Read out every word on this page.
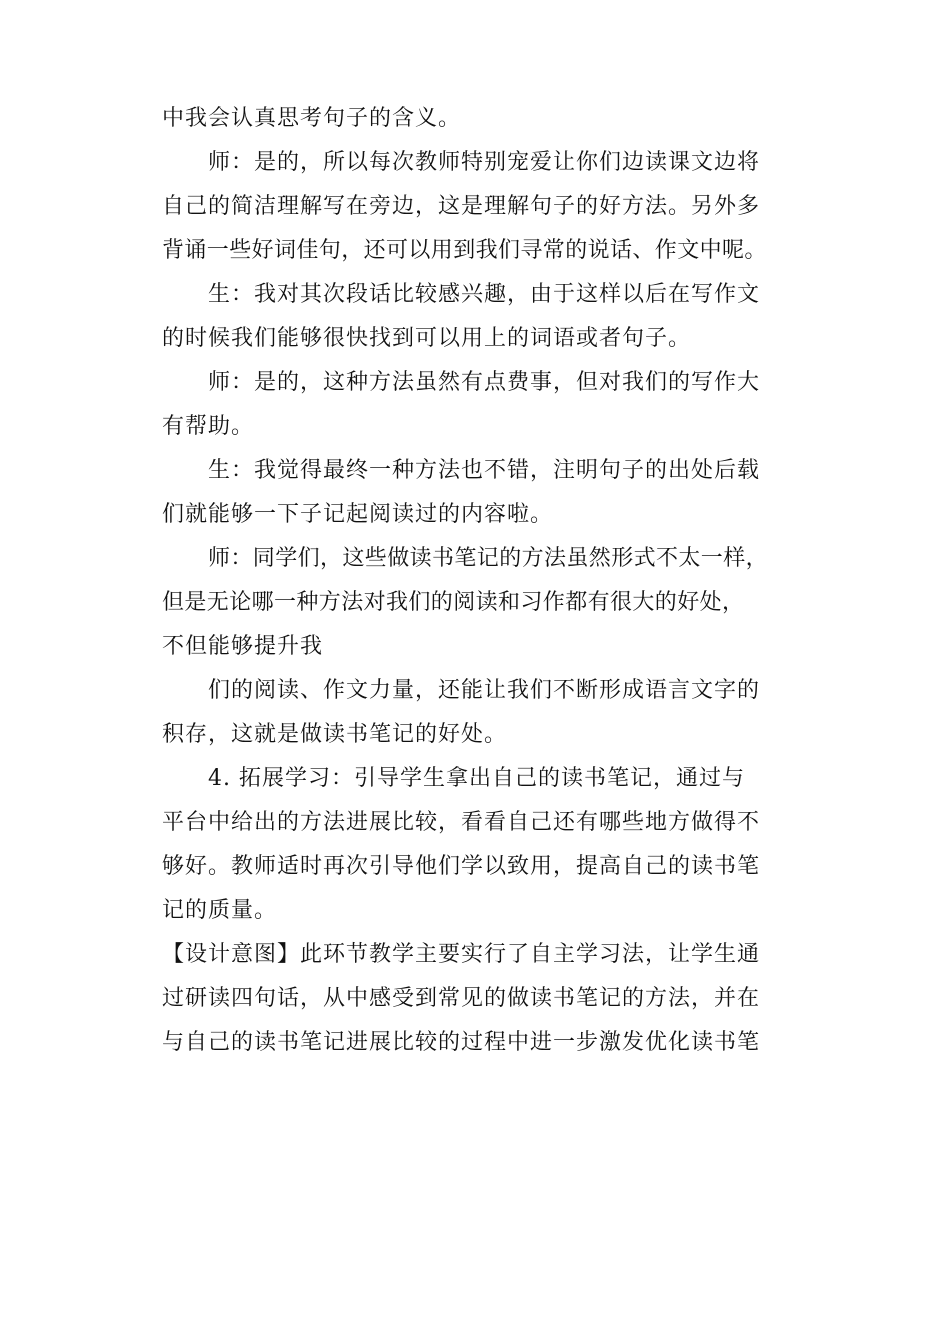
中我会认真思考句子的含义。
师：是的，所以每次教师特别宠爱让你们边读课文边将
自己的简洁理解写在旁边，这是理解句子的好方法。另外多
背诵一些好词佳句，还可以用到我们寻常的说话、作文中呢。
生：我对其次段话比较感兴趣，由于这样以后在写作文
的时候我们能够很快找到可以用上的词语或者句子。
师：是的，这种方法虽然有点费事，但对我们的写作大
有帮助。
生：我觉得最终一种方法也不错，注明句子的出处后载
们就能够一下子记起阅读过的内容啦。
师：同学们，这些做读书笔记的方法虽然形式不太一样，
但是无论哪一种方法对我们的阅读和习作都有很大的好处，
不但能够提升我
们的阅读、作文力量，还能让我们不断形成语言文字的
积存，这就是做读书笔记的好处。
4. 拓展学习：引导学生拿出自己的读书笔记，通过与
平台中给出的方法进展比较，看看自己还有哪些地方做得不
够好。教师适时再次引导他们学以致用，提高自己的读书笔
记的质量。
【设计意图】此环节教学主要实行了自主学习法，让学生通
过研读四句话，从中感受到常见的做读书笔记的方法，并在
与自己的读书笔记进展比较的过程中进一步激发优化读书笔
